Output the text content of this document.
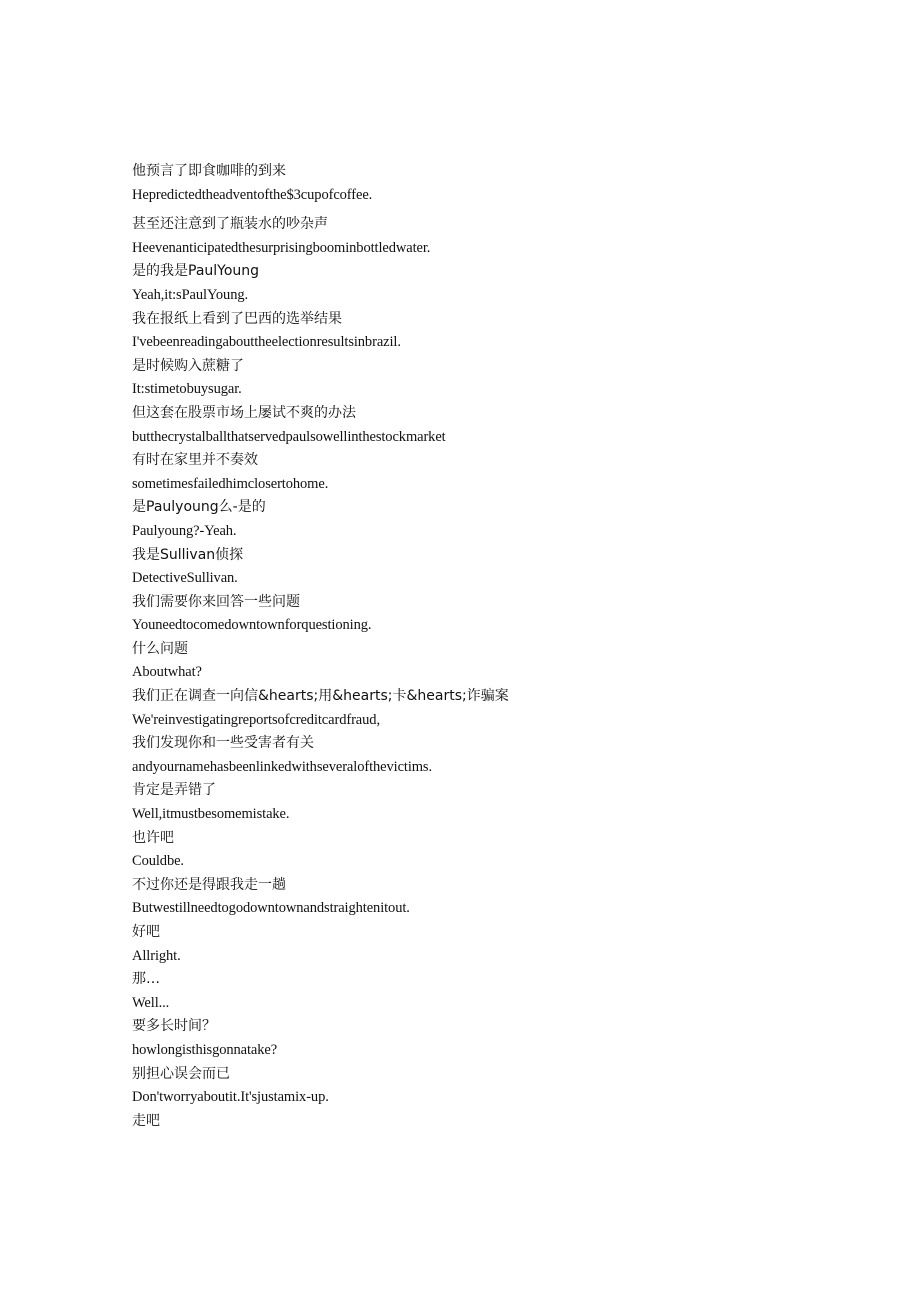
他预言了即食咖啡的到来
Hepredictedtheadventofthe$3cupofcoffee.
甚至还注意到了瓶装水的吵杂声
Heevenanticipatedthesurprisingboominbottledwater.
是的我是PaulYoung
Yeah,it:sPaulYoung.
我在报纸上看到了巴西的选举结果
I'vebeenreadingabouttheelectionresultsinbrazil.
是时候购入蔗糖了
It:stimetobuysugar.
但这套在股票市场上屡试不爽的办法
butthecrystalballthatservedpaulsowellinthestockmarket
有时在家里并不奏效
sometimesfailedhimclosertohome.
是Paulyoung么-是的
Paulyoung?-Yeah.
我是Sullivan侦探
DetectiveSullivan.
我们需要你来回答一些问题
Youneedtocomedowntownforquestioning.
什么问题
Aboutwhat?
我们正在调查一向信&hearts;用&hearts;卡&hearts;诈骗案
We'reinvestigatingreportsofcreditcardfraud,
我们发现你和一些受害者有关
andyournamehasbeenlinkedwithseveralofthevictims.
肯定是弄错了
Well,itmustbesomemistake.
也许吧
Couldbe.
不过你还是得跟我走一趟
Butwestillneedtogodowntownandstraightenitout.
好吧
Allright.
那…
Well...
要多长时间？
howlongisthisgonnatake?
别担心误会而已
Don'tworryaboutit.It'sjustamix-up.
走吧
